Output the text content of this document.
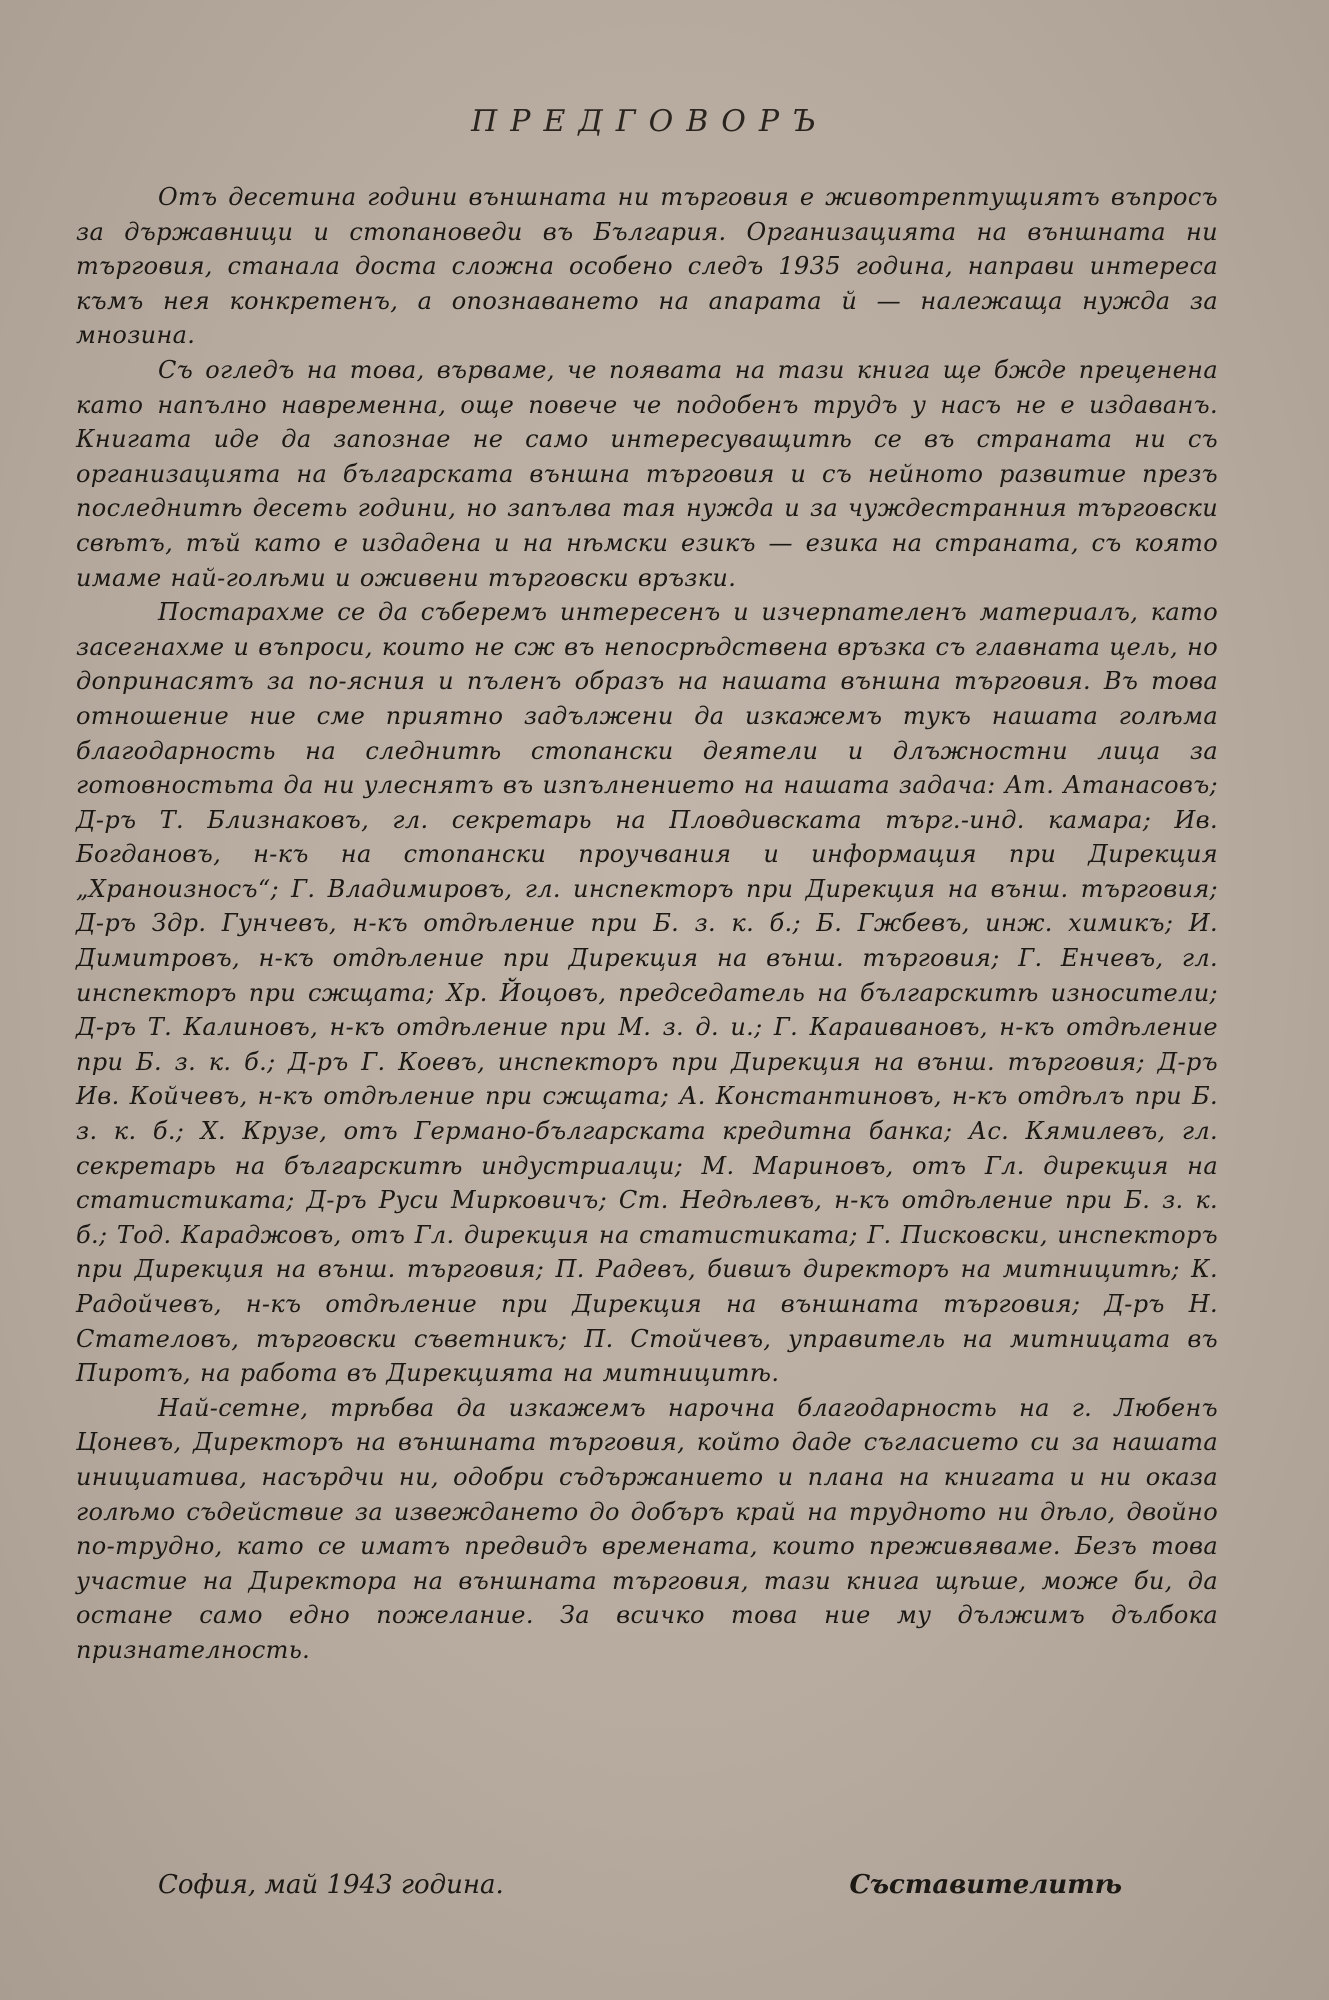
ПРЕДГОВОРЪ

Отъ десетина години външната ни търговия е животрептущиятъ въпросъ за държавници и стопановеди въ България. Организацията на външната ни търговия, станала доста сложна особено следъ 1935 година, направи интереса къмъ нея конкретенъ, а опознаването на апарата й — належаща нужда за мнозина.

Съ огледъ на това, вървамe, че появата на тази книга ще бжде преценена като напълно навременна, още повече че подобенъ трудъ у насъ не е издаванъ. Книгата иде да запознае не само интересуващитѣ се въ страната ни съ организацията на българската външна търговия и съ нейното развитие презъ последнитѣ десеть години, но запълва тая нужда и за чуждестранния търговски свѣтъ, тъй като е издадена и на нѣмски езикъ — езика на страната, съ която имаме най-голѣми и оживени търговски връзки.

Постарахме се да съберемъ интересенъ и изчерпателенъ материалъ, като засегнахме и въпроси, които не сж въ непосрѣдствена връзка съ главната цель, но допринасятъ за по-ясния и пъленъ образъ на нашата външна търговия. Въ това отношение ние сме приятно задължени да изкажемъ тукъ нашата голѣма благодарность на следнитѣ стопански деятели и длъжностни лица за готовностьта да ни улеснятъ въ изпълнението на нашата задача: Ат. Атанасовъ; Д-ръ Т. Близнаковъ, гл. секретарь на Пловдивската търг.-инд. камара; Ив. Богдановъ, н-къ на стопански проучвания и информация при Дирекция „Храноизносъ“; Г. Владимировъ, гл. инспекторъ при Дирекция на външ. търговия; Д-ръ Здр. Гунчевъ, н-къ отдѣление при Б. з. к. б.; Б. Гжбевъ, инж. химикъ; И. Димитровъ, н-къ отдѣление при Дирекция на външ. търговия; Г. Енчевъ, гл. инспекторъ при сжщата; Хр. Йоцовъ, председатель на българскитѣ износители; Д-ръ Т. Калиновъ, н-къ отдѣление при М. з. д. и.; Г. Караивановъ, н-къ отдѣление при Б. з. к. б.; Д-ръ Г. Коевъ, инспекторъ при Дирекция на външ. търговия; Д-ръ Ив. Койчевъ, н-къ отдѣление при сжщата; А. Константиновъ, н-къ отдѣлъ при Б. з. к. б.; Х. Крузе, отъ Германо-българската кредитна банка; Ас. Кямилевъ, гл. секретарь на българскитѣ индустриалци; М. Мариновъ, отъ Гл. дирекция на статистиката; Д-ръ Руси Мирковичъ; Ст. Недѣлевъ, н-къ отдѣление при Б. з. к. б.; Тод. Караджовъ, отъ Гл. дирекция на статистиката; Г. Писковски, инспекторъ при Дирекция на външ. търговия; П. Радевъ, бившъ директоръ на митницитѣ; К. Радойчевъ, н-къ отдѣление при Дирекция на външната търговия; Д-ръ Н. Стателовъ, търговски съветникъ; П. Стойчевъ, управитель на митницата въ Пиротъ, на работа въ Дирекцията на митницитѣ.

Най-сетне, трѣбва да изкажемъ нарочна благодарность на г. Любенъ Цоневъ, Директоръ на външната търговия, който даде съгласието си за нашата инициатива, насърдчи ни, одобри съдържанието и плана на книгата и ни оказа голѣмо съдействие за извеждането до добъръ край на трудното ни дѣло, двойно по-трудно, като се иматъ предвидъ времената, които преживяваме. Безъ това участие на Директора на външната търговия, тази книга щѣше, може би, да остане само едно пожелание. За всичко това ние му дължимъ дълбока признателность.

София, май 1943 година.	Съставителитѣ
